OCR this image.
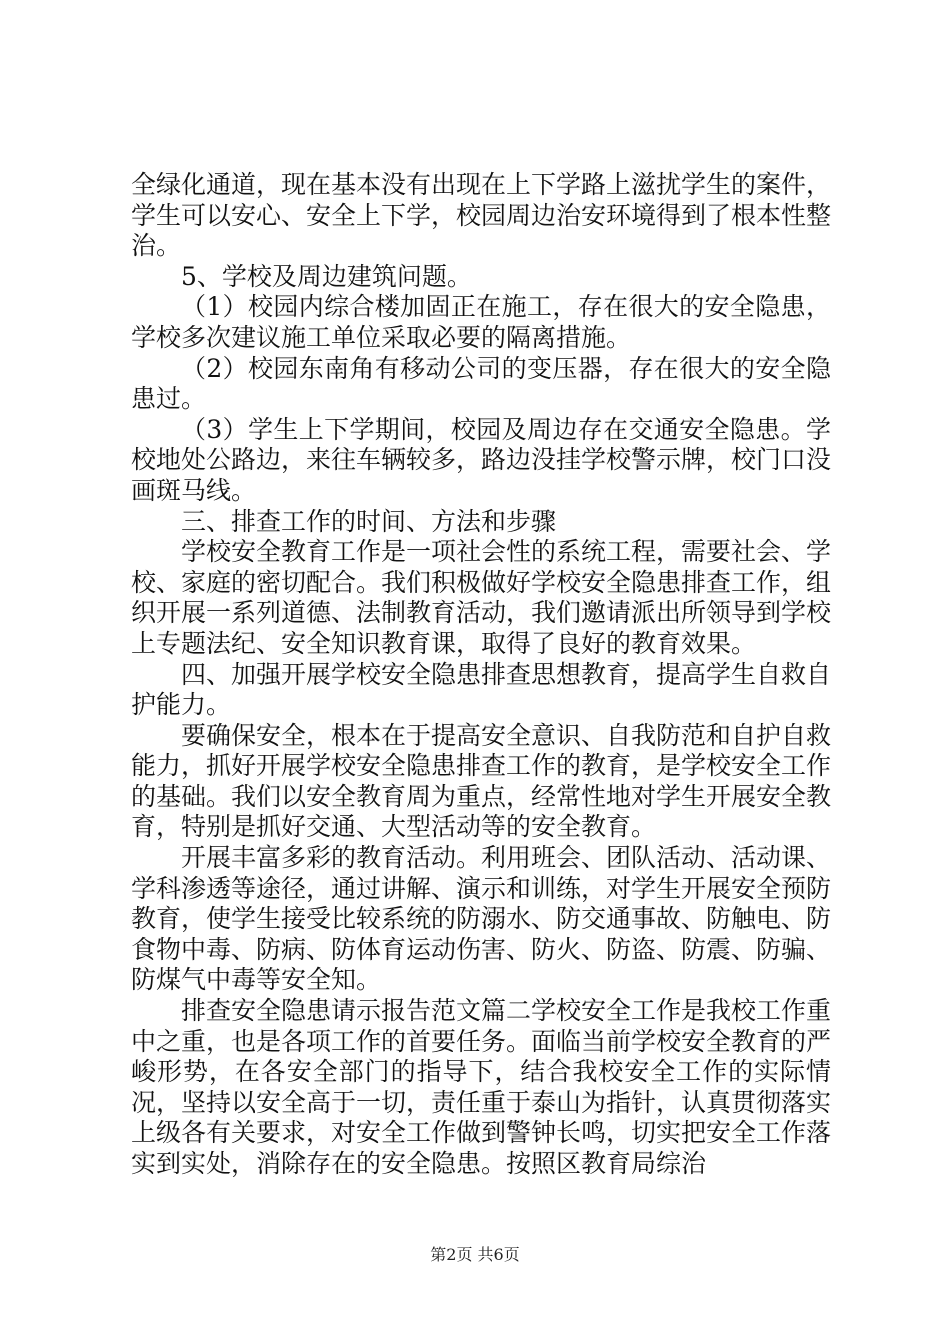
全绿化通道，现在基本没有出现在上下学路上滋扰学生的案件，学生可以安心、安全上下学，校园周边治安环境得到了根本性整治。

5、学校及周边建筑问题。

（1）校园内综合楼加固正在施工，存在很大的安全隐患，学校多次建议施工单位采取必要的隔离措施。

（2）校园东南角有移动公司的变压器，存在很大的安全隐患过。

（3）学生上下学期间，校园及周边存在交通安全隐患。学校地处公路边，来往车辆较多，路边没挂学校警示牌，校门口没画斑马线。

三、排查工作的时间、方法和步骤

学校安全教育工作是一项社会性的系统工程，需要社会、学校、家庭的密切配合。我们积极做好学校安全隐患排查工作，组织开展一系列道德、法制教育活动，我们邀请派出所领导到学校上专题法纪、安全知识教育课，取得了良好的教育效果。

四、加强开展学校安全隐患排查思想教育，提高学生自救自护能力。

要确保安全，根本在于提高安全意识、自我防范和自护自救能力，抓好开展学校安全隐患排查工作的教育，是学校安全工作的基础。我们以安全教育周为重点，经常性地对学生开展安全教育，特别是抓好交通、大型活动等的安全教育。

开展丰富多彩的教育活动。利用班会、团队活动、活动课、学科渗透等途径，通过讲解、演示和训练，对学生开展安全预防教育，使学生接受比较系统的防溺水、防交通事故、防触电、防食物中毒、防病、防体育运动伤害、防火、防盗、防震、防骗、防煤气中毒等安全知。

排查安全隐患请示报告范文篇二学校安全工作是我校工作重中之重，也是各项工作的首要任务。面临当前学校安全教育的严峻形势，在各安全部门的指导下，结合我校安全工作的实际情况，坚持以安全高于一切，责任重于泰山为指针，认真贯彻落实上级各有关要求，对安全工作做到警钟长鸣，切实把安全工作落实到实处，消除存在的安全隐患。按照区教育局综治

第2页 共6页
